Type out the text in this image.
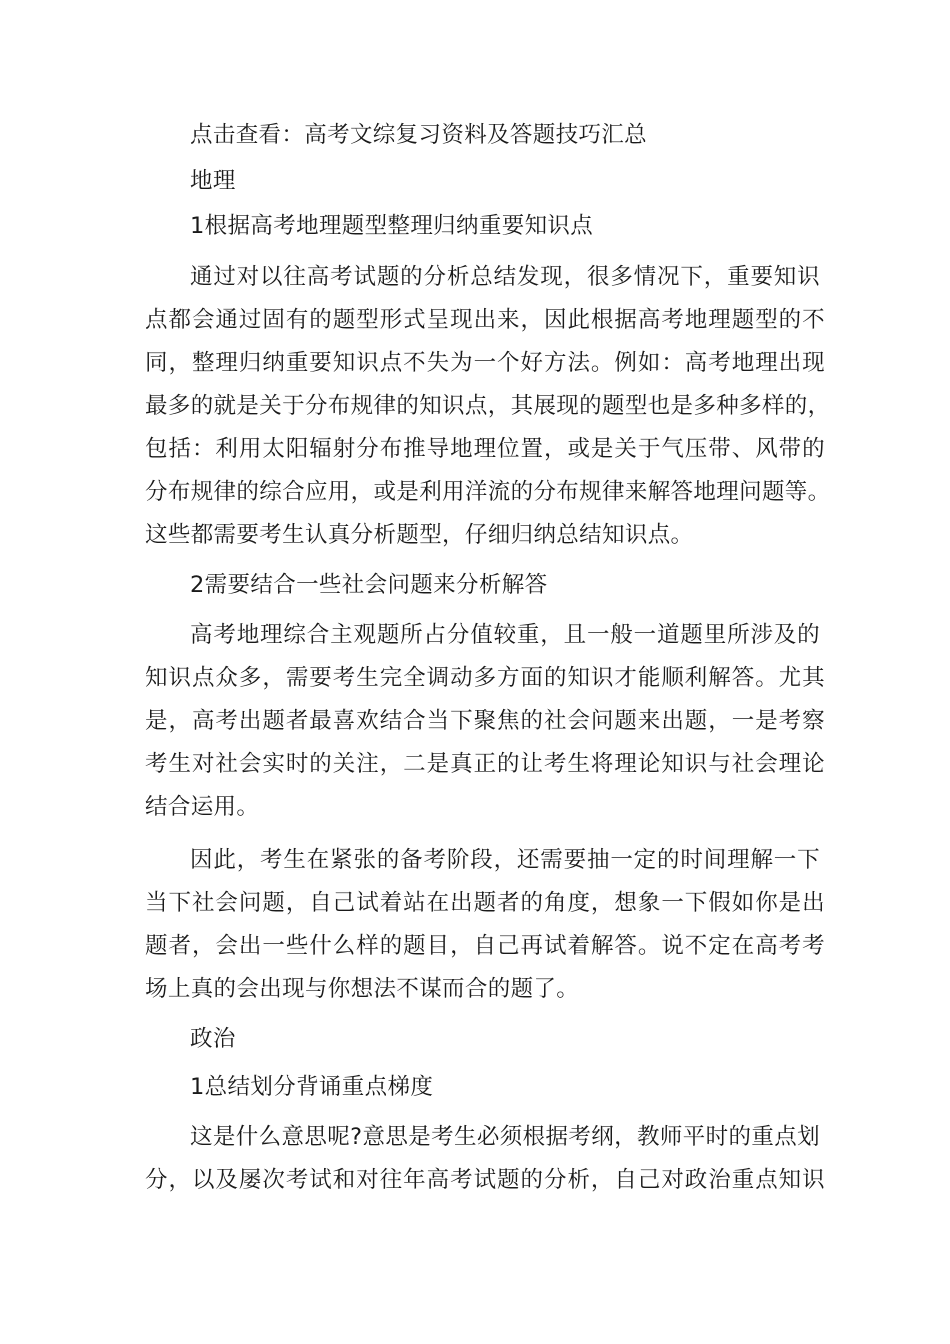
点击查看：高考文综复习资料及答题技巧汇总
地理
1根据高考地理题型整理归纳重要知识点
通过对以往高考试题的分析总结发现，很多情况下，重要知识
点都会通过固有的题型形式呈现出来，因此根据高考地理题型的不
同，整理归纳重要知识点不失为一个好方法。例如：高考地理出现
最多的就是关于分布规律的知识点，其展现的题型也是多种多样的，
包括：利用太阳辐射分布推导地理位置，或是关于气压带、风带的
分布规律的综合应用，或是利用洋流的分布规律来解答地理问题等。
这些都需要考生认真分析题型，仔细归纳总结知识点。
2需要结合一些社会问题来分析解答
高考地理综合主观题所占分值较重，且一般一道题里所涉及的
知识点众多，需要考生完全调动多方面的知识才能顺利解答。尤其
是，高考出题者最喜欢结合当下聚焦的社会问题来出题，一是考察
考生对社会实时的关注，二是真正的让考生将理论知识与社会理论
结合运用。
因此，考生在紧张的备考阶段，还需要抽一定的时间理解一下
当下社会问题，自己试着站在出题者的角度，想象一下假如你是出
题者，会出一些什么样的题目，自己再试着解答。说不定在高考考
场上真的会出现与你想法不谋而合的题了。
政治
1总结划分背诵重点梯度
这是什么意思呢?意思是考生必须根据考纲，教师平时的重点划
分，以及屡次考试和对往年高考试题的分析，自己对政治重点知识
